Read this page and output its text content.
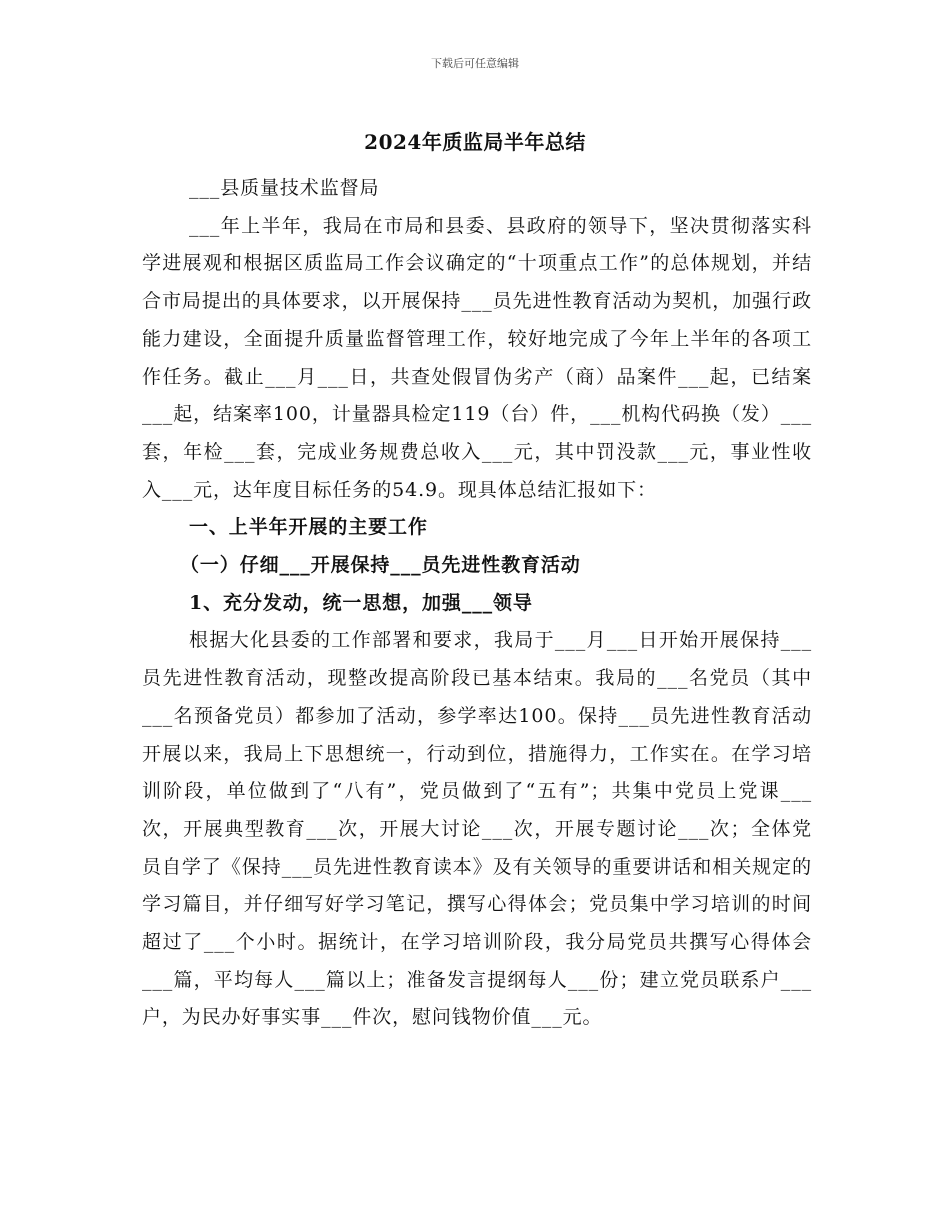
下载后可任意编辑
2024年质监局半年总结

___县质量技术监督局

___年上半年，我局在市局和县委、县政府的领导下，坚决贯彻落实科学进展观和根据区质监局工作会议确定的“十项重点工作”的总体规划，并结合市局提出的具体要求，以开展保持___员先进性教育活动为契机，加强行政能力建设，全面提升质量监督管理工作，较好地完成了今年上半年的各项工作任务。截止___月___日，共查处假冒伪劣产（商）品案件___起，已结案___起，结案率100，计量器具检定119（台）件，___机构代码换（发）___套，年检___套，完成业务规费总收入___元，其中罚没款___元，事业性收入___元，达年度目标任务的54.9。现具体总结汇报如下：

一、上半年开展的主要工作

（一）仔细___开展保持___员先进性教育活动

1、充分发动，统一思想，加强___领导

根据大化县委的工作部署和要求，我局于___月___日开始开展保持___员先进性教育活动，现整改提高阶段已基本结束。我局的___名党员（其中___名预备党员）都参加了活动，参学率达100。保持___员先进性教育活动开展以来，我局上下思想统一，行动到位，措施得力，工作实在。在学习培训阶段，单位做到了“八有”，党员做到了“五有”；共集中党员上党课___次，开展典型教育___次，开展大讨论___次，开展专题讨论___次；全体党员自学了《保持___员先进性教育读本》及有关领导的重要讲话和相关规定的学习篇目，并仔细写好学习笔记，撰写心得体会；党员集中学习培训的时间超过了___个小时。据统计，在学习培训阶段，我分局党员共撰写心得体会___篇，平均每人___篇以上；准备发言提纲每人___份；建立党员联系户___户，为民办好事实事___件次，慰问钱物价值___元。
